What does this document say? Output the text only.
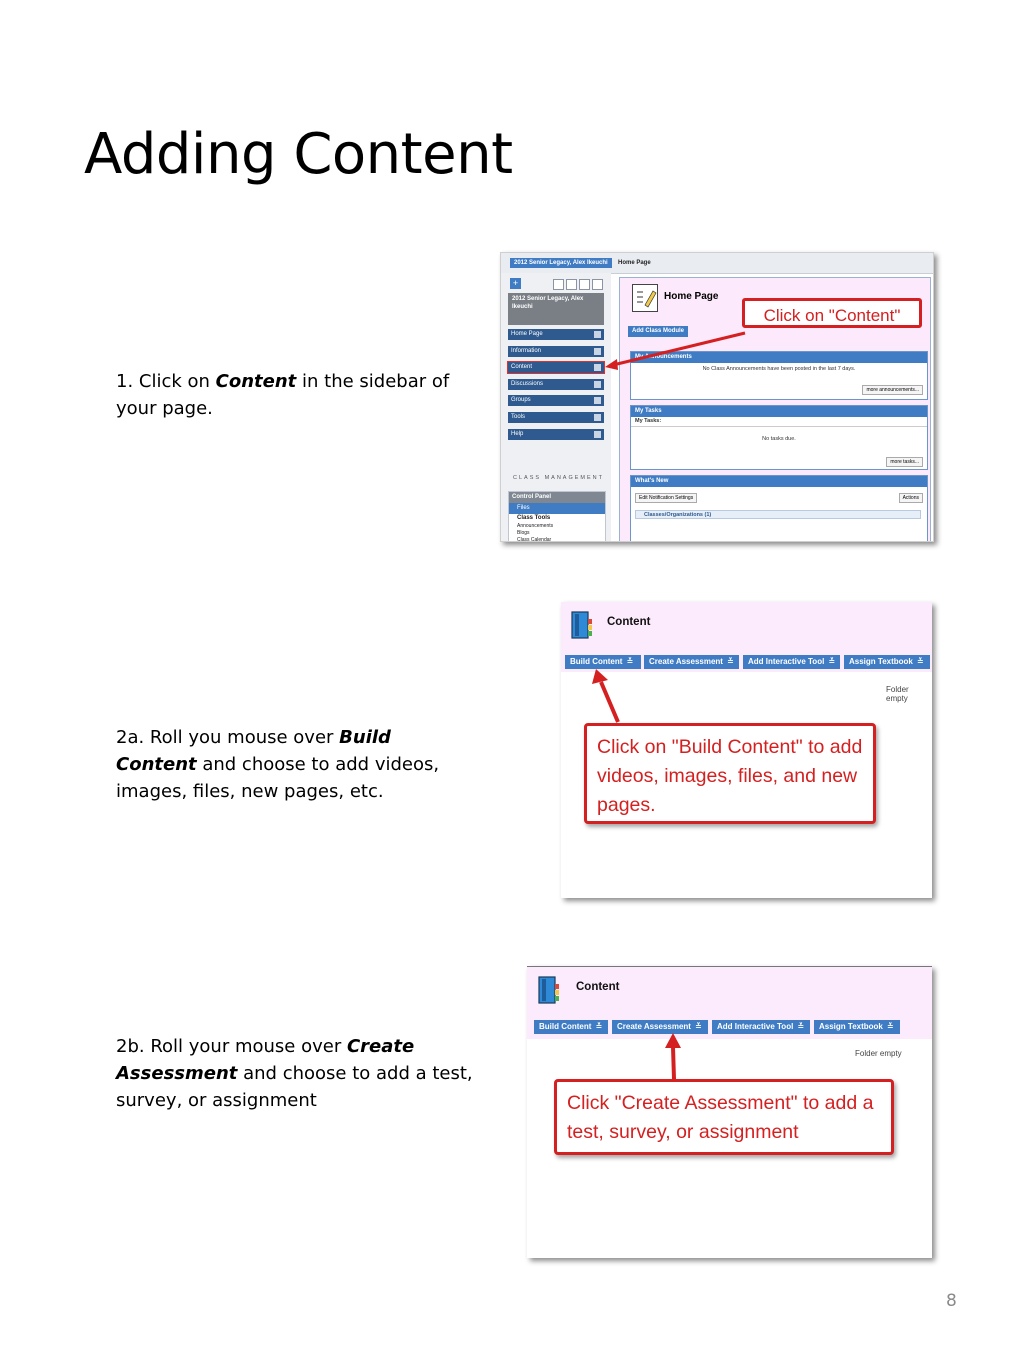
Adding Content
1. Click on Content in the sidebar of your page.
2a. Roll you mouse over Build Content and choose to add videos, images, files, new pages, etc.
2b. Roll your mouse over Create Assessment and choose to add a test, survey, or assignment
2012 Senior Legacy, Alex Ikeuchi	Home Page
+
2012 Senior Legacy, Alex Ikeuchi
Home Page
Information
Content
Discussions
Groups
Tools
Help
CLASS MANAGEMENT
Control Panel
Files
Class Tools
Announcements
Blogs
Class Calendar
Home Page
Add Class Module
My Announcements
No Class Announcements have been posted in the last 7 days.
more announcements...
My Tasks
My Tasks:
No tasks due.
more tasks...
What's New
Edit Notification Settings	Actions
Classes/Organizations (1)
Click on "Content"
Content
Build Content ≚	Create Assessment ≚	Add Interactive Tool ≚	Assign Textbook ≚
Folder empty
Click on "Build Content" to add videos, images, files, and new pages.
Content
Build Content ≚	Create Assessment ≚	Add Interactive Tool ≚	Assign Textbook ≚
Folder empty
Click "Create Assessment" to add a test, survey, or assignment
8
